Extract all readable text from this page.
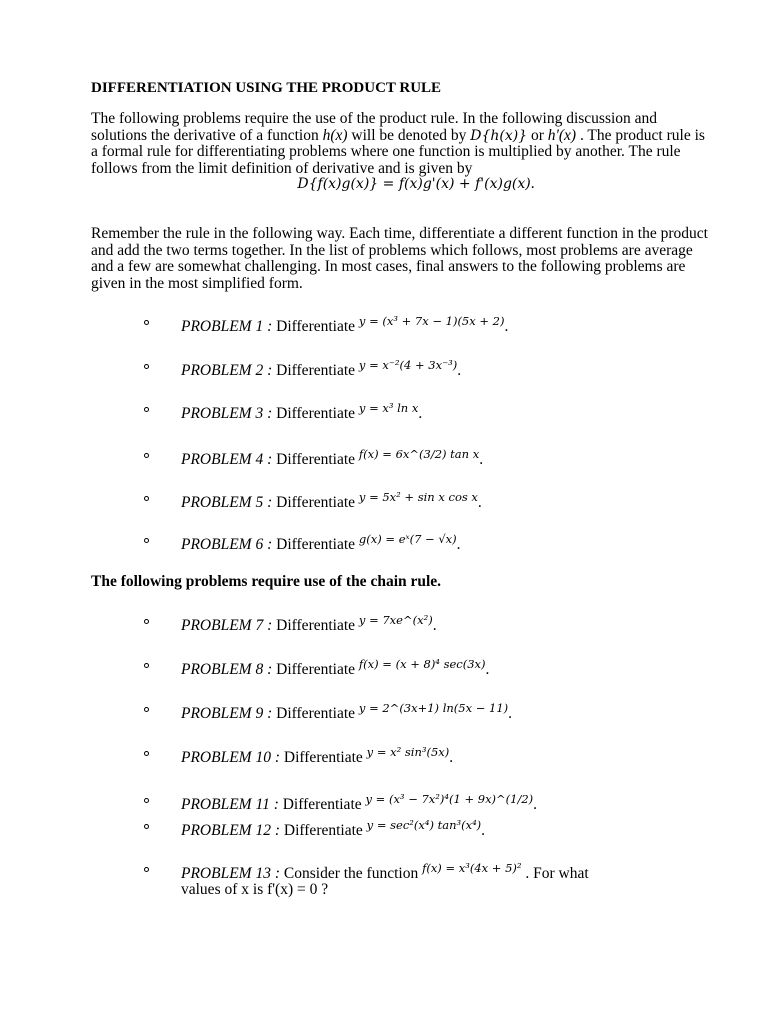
DIFFERENTIATION USING THE PRODUCT RULE

The following problems require the use of the product rule. In the following discussion and solutions the derivative of a function h(x) will be denoted by D{h(x)} or h'(x) . The product rule is a formal rule for differentiating problems where one function is multiplied by another. The rule follows from the limit definition of derivative and is given by

D{f(x)g(x)} = f(x)g'(x) + f'(x)g(x).
Remember the rule in the following way. Each time, differentiate a different function in the product and add the two terms together. In the list of problems which follows, most problems are average and a few are somewhat challenging. In most cases, final answers to the following problems are given in the most simplified form.
PROBLEM 1 : Differentiate y = (x³ + 7x − 1)(5x + 2).
PROBLEM 2 : Differentiate y = x⁻²(4 + 3x⁻³).
PROBLEM 3 : Differentiate y = x³ ln x.
PROBLEM 4 : Differentiate f(x) = 6x^(3/2) tan x.
PROBLEM 5 : Differentiate y = 5x² + sin x cos x.
PROBLEM 6 : Differentiate g(x) = eˣ(7 − √x).
The following problems require use of the chain rule.
PROBLEM 7 : Differentiate y = 7xe^(x²).
PROBLEM 8 : Differentiate f(x) = (x + 8)⁴ sec(3x).
PROBLEM 9 : Differentiate y = 2^(3x+1) ln(5x − 11).
PROBLEM 10 : Differentiate y = x² sin³(5x).
PROBLEM 11 : Differentiate y = (x³ − 7x²)⁴(1 + 9x)^(1/2).
PROBLEM 12 : Differentiate y = sec²(x⁴) tan³(x⁴).
PROBLEM 13 : Consider the function f(x) = x³(4x + 5)² . For what
values of x is f'(x) = 0 ?
